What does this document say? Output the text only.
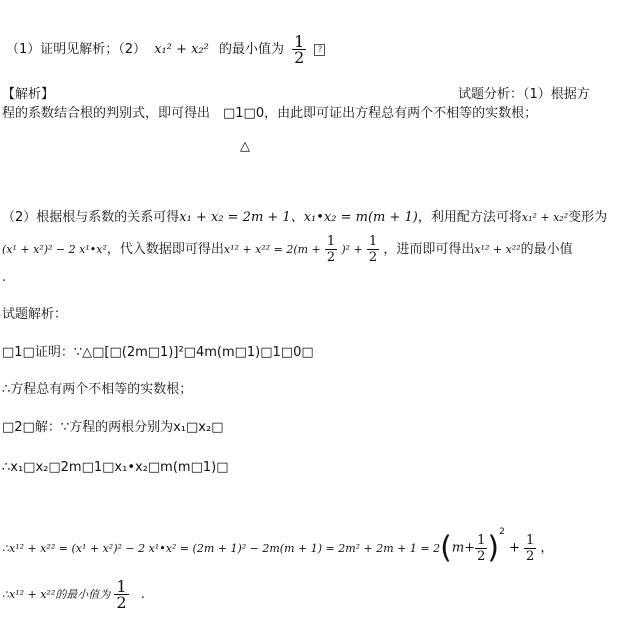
（1）证明见解析；（2） x₁² + x₂² 的最小值为 $\frac{1}{2}$ ?
【解析】	试题分析：（1）根据方
程的系数结合根的判别式，即可得出　□1□0，由此即可证出方程总有两个不相等的实数根；
△
（2）根据根与系数的关系可得x₁ + x₂ = 2m + 1、x₁•x₂ = m(m + 1)，利用配方法可将x₁² + x₂²变形为
(x¹ + x²)² − 2 x¹•x²，代入数据即可得出$x^{12} + x^{22} = 2(m + \frac{1}{2} )^2 + \frac{1}{2}$ ，进而即可得出x¹² + x²²的最小值
.
试题解析：
□1□证明：∵△□[□(2m□1)]²□4m(m□1)□1□0□
∴方程总有两个不相等的实数根；
□2□解：∵方程的两根分别为x₁□x₂□
∴x₁□x₂□2m□1□x₁•x₂□m(m□1)□
∴x¹² + x²² = (x¹ + x²)² − 2 x¹•x² = $(2m + 1)^2 - 2m(m + 1) = 2m^2 + 2m + 1 = 2(m+ \frac{1}{2} )^2 + \frac{1}{2}$ ，
∴x¹² + x²²的最小值为 $\frac{1}{2}$ .
